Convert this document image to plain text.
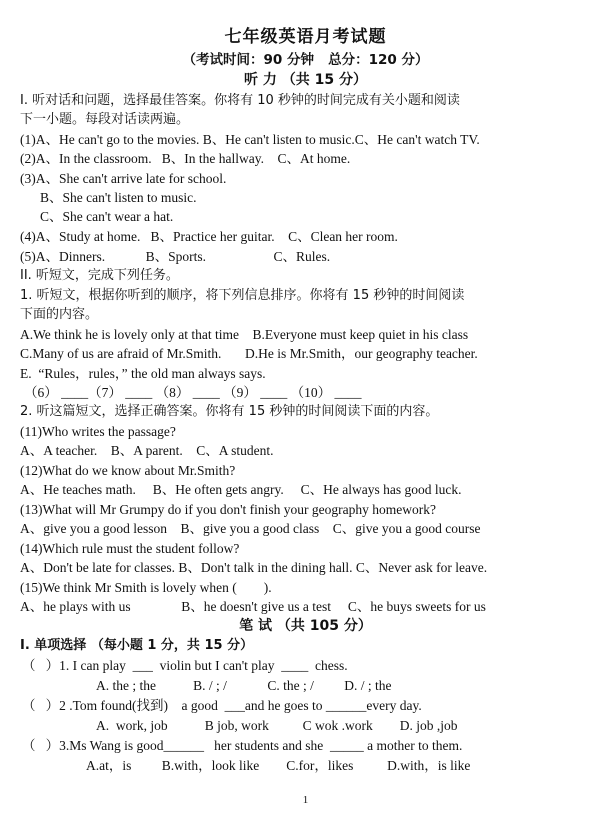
七年级英语月考试题
（考试时间：90 分钟   总分：120 分）
听 力 （共 15 分）
I. 听对话和问题，选择最佳答案。你将有 10 秒钟的时间完成有关小题和阅读
下一小题。每段对话读两遍。
(1)A、He can't go to the movies. B、He can't listen to music.C、He can't watch TV.
(2)A、In the classroom.   B、In the hallway.    C、At home.
(3)A、She can't arrive late for school.
B、She can't listen to music.
C、She can't wear a hat.
(4)A、Study at home.   B、Practice her guitar.    C、Clean her room.
(5)A、Dinners.            B、Sports.                    C、Rules.
II. 听短文，完成下列任务。
1. 听短文，根据你听到的顺序，将下列信息排序。你将有 15 秒钟的时间阅读
下面的内容。
A.We think he is lovely only at that time    B.Everyone must keep quiet in his class
C.Many of us are afraid of Mr.Smith.       D.He is Mr.Smith，our geography teacher.
E.  “Rules，rules，” the old man always says.
（6） ____（7） ____ （8） ____ （9） ____ （10） ____
2. 听这篇短文，选择正确答案。你将有 15 秒钟的时间阅读下面的内容。
(11)Who writes the passage?
A、A teacher.    B、A parent.    C、A student.
(12)What do we know about Mr.Smith?
A、He teaches math.     B、He often gets angry.     C、He always has good luck.
(13)What will Mr Grumpy do if you don't finish your geography homework?
A、give you a good lesson    B、give you a good class    C、give you a good course
(14)Which rule must the student follow?
A、Don't be late for classes. B、Don't talk in the dining hall. C、Never ask for leave.
(15)We think Mr Smith is lovely when (        ).
A、he plays with us               B、he doesn't give us a test     C、he buys sweets for us
笔 试 （共 105 分）
I. 单项选择 （每小题 1 分，共 15 分）
（   ）1. I can play  ___  violin but I can't play  ____  chess.
A. the ; the           B. / ; /            C. the ; /         D. / ; the
（   ）2 .Tom found(找到)    a good  ___and he goes to ______every day.
A.  work, job           B job, work          C wok .work        D. job ,job
（   ）3.Ms Wang is good______   her students and she  _____ a mother to them.
A.at，is         B.with，look like        C.for，likes          D.with，is like
1
